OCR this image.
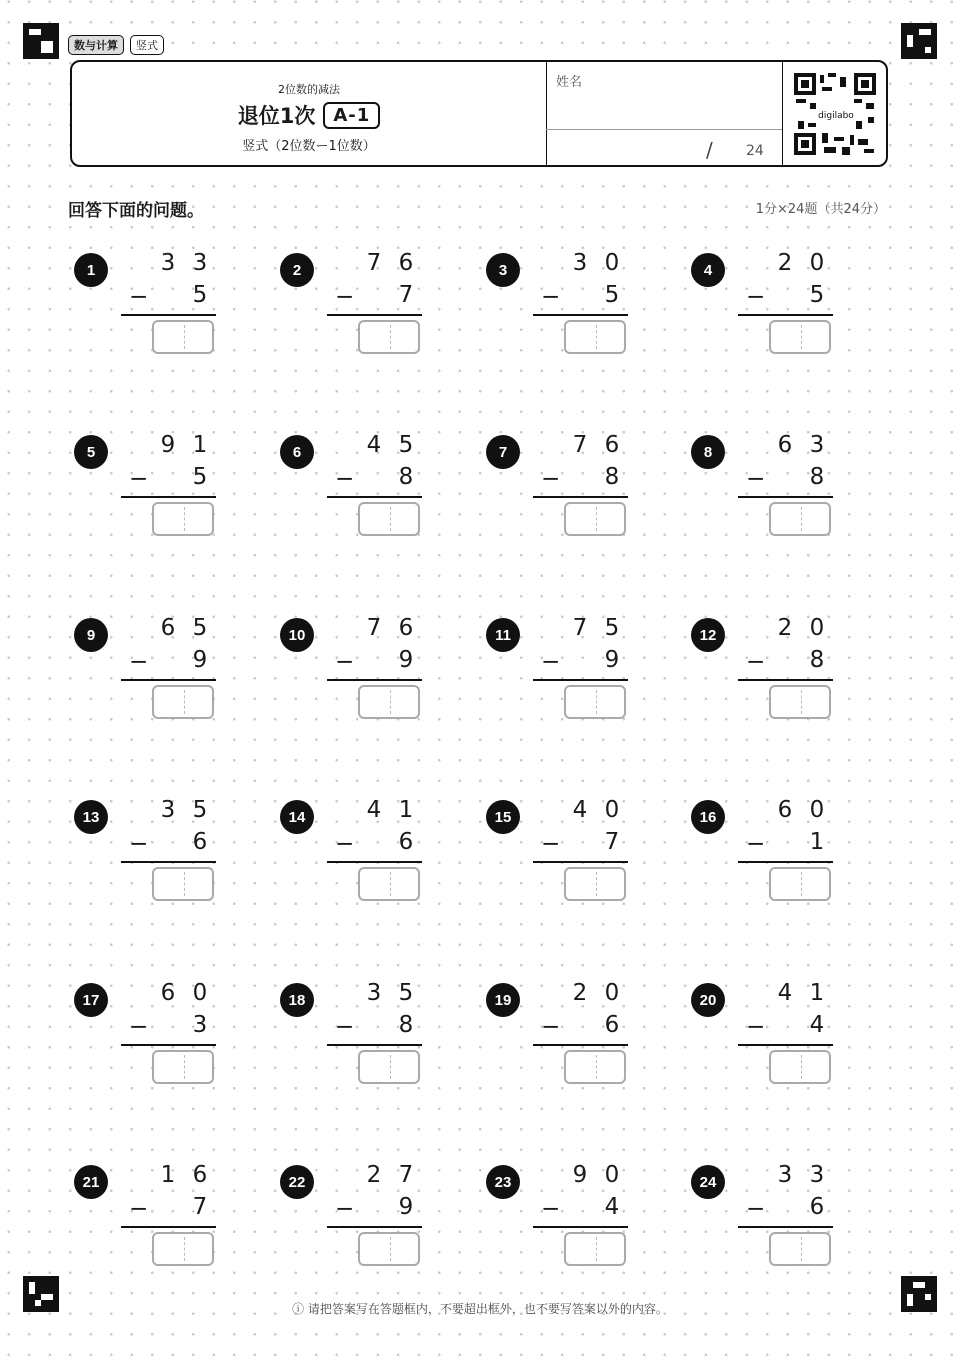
数与计算	竖式
2位数的减法
退位1次	A-1
竖式（2位数ー1位数）
姓名
/ 24
digilabo
回答下面的问题。	1分×24题（共24分）
1	3 3
− 5
2	7 6
− 7
3	3 0
− 5
4	2 0
− 5
5	9 1
− 5
6	4 5
− 8
7	7 6
− 8
8	6 3
− 8
9	6 5
− 9
10	7 6
− 9
11	7 5
− 9
12	2 0
− 8
13	3 5
− 6
14	4 1
− 6
15	4 0
− 7
16	6 0
− 1
17	6 0
− 3
18	3 5
− 8
19	2 0
− 6
20	4 1
− 4
21	1 6
− 7
22	2 7
− 9
23	9 0
− 4
24	3 3
− 6
ⓘ 请把答案写在答题框内，不要超出框外，也不要写答案以外的内容。
